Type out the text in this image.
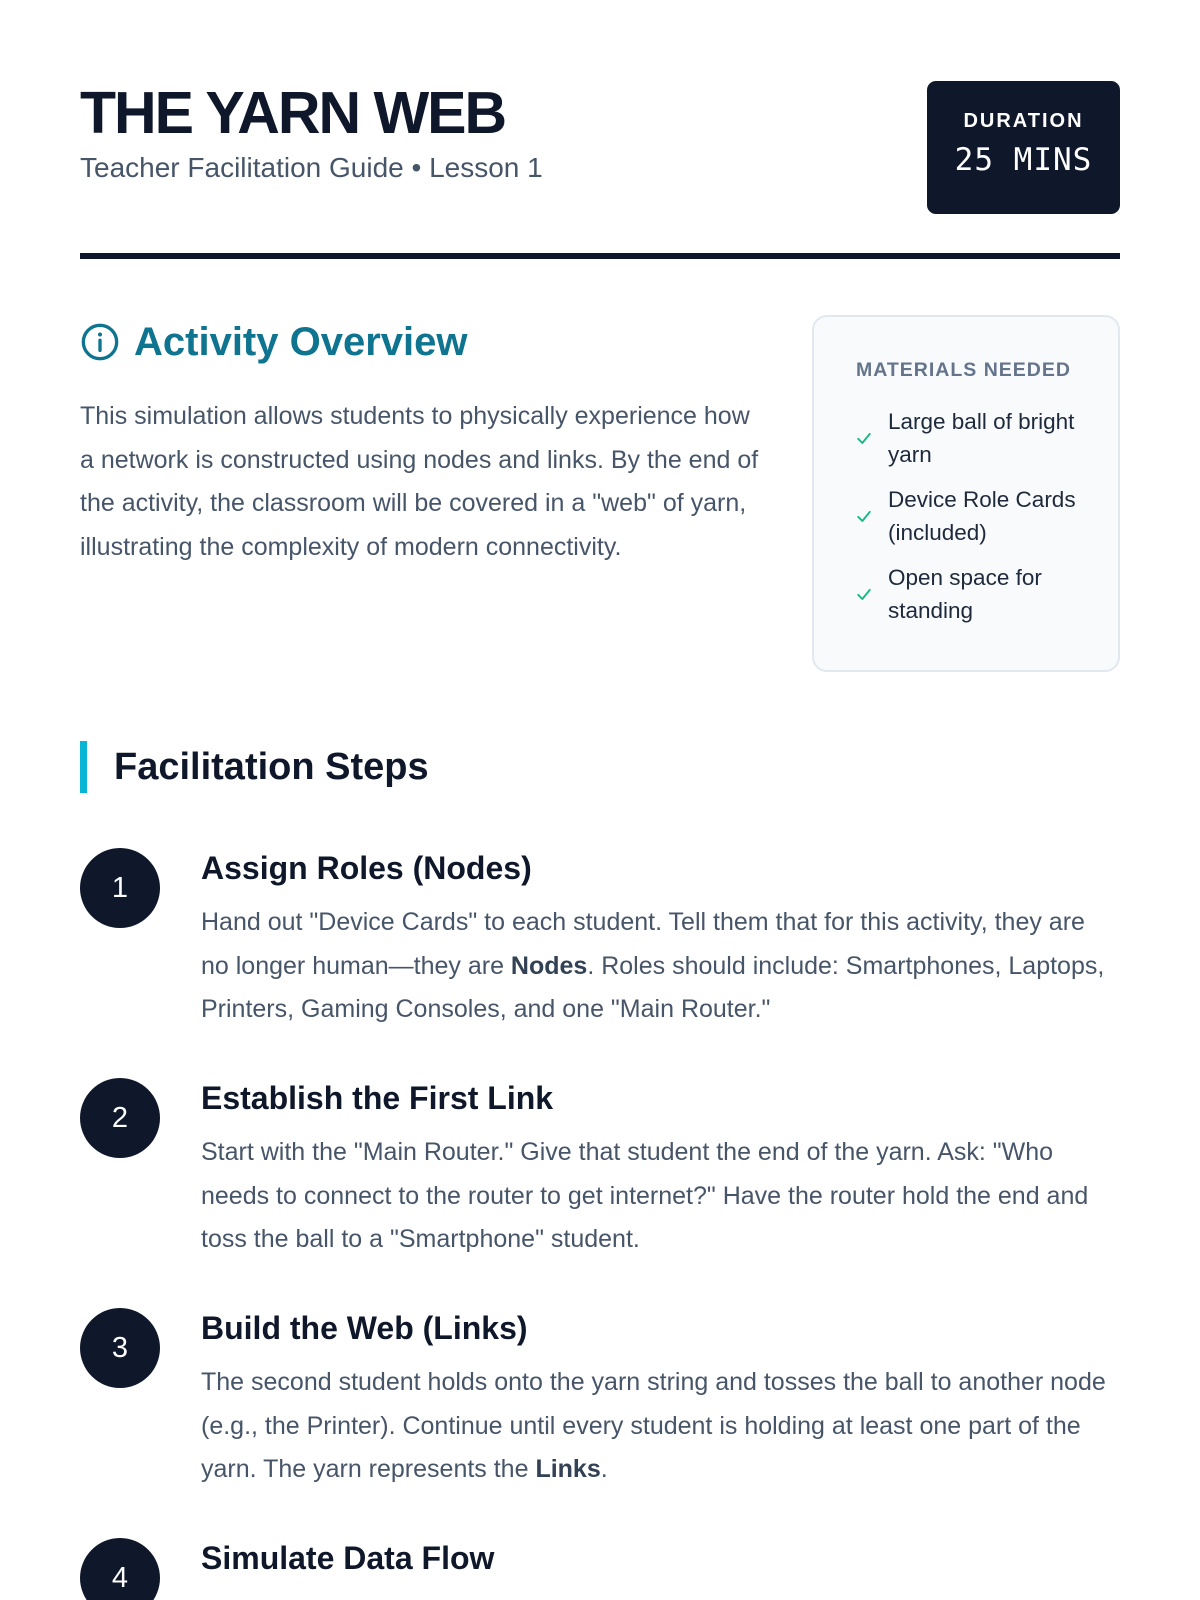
THE YARN WEB
Teacher Facilitation Guide • Lesson 1
DURATION
25 MINS
Activity Overview

This simulation allows students to physically experience how a network is constructed using nodes and links. By the end of the activity, the classroom will be covered in a "web" of yarn, illustrating the complexity of modern connectivity.

MATERIALS NEEDED
Large ball of bright yarn
Device Role Cards (included)
Open space for standing
Facilitation Steps
1
Assign Roles (Nodes)

Hand out "Device Cards" to each student. Tell them that for this activity, they are no longer human—they are Nodes. Roles should include: Smartphones, Laptops, Printers, Gaming Consoles, and one "Main Router."

2
Establish the First Link

Start with the "Main Router." Give that student the end of the yarn. Ask: "Who needs to connect to the router to get internet?" Have the router hold the end and toss the ball to a "Smartphone" student.

3
Build the Web (Links)

The second student holds onto the yarn string and tosses the ball to another node (e.g., the Printer). Continue until every student is holding at least one part of the yarn. The yarn represents the Links.

4
Simulate Data Flow
